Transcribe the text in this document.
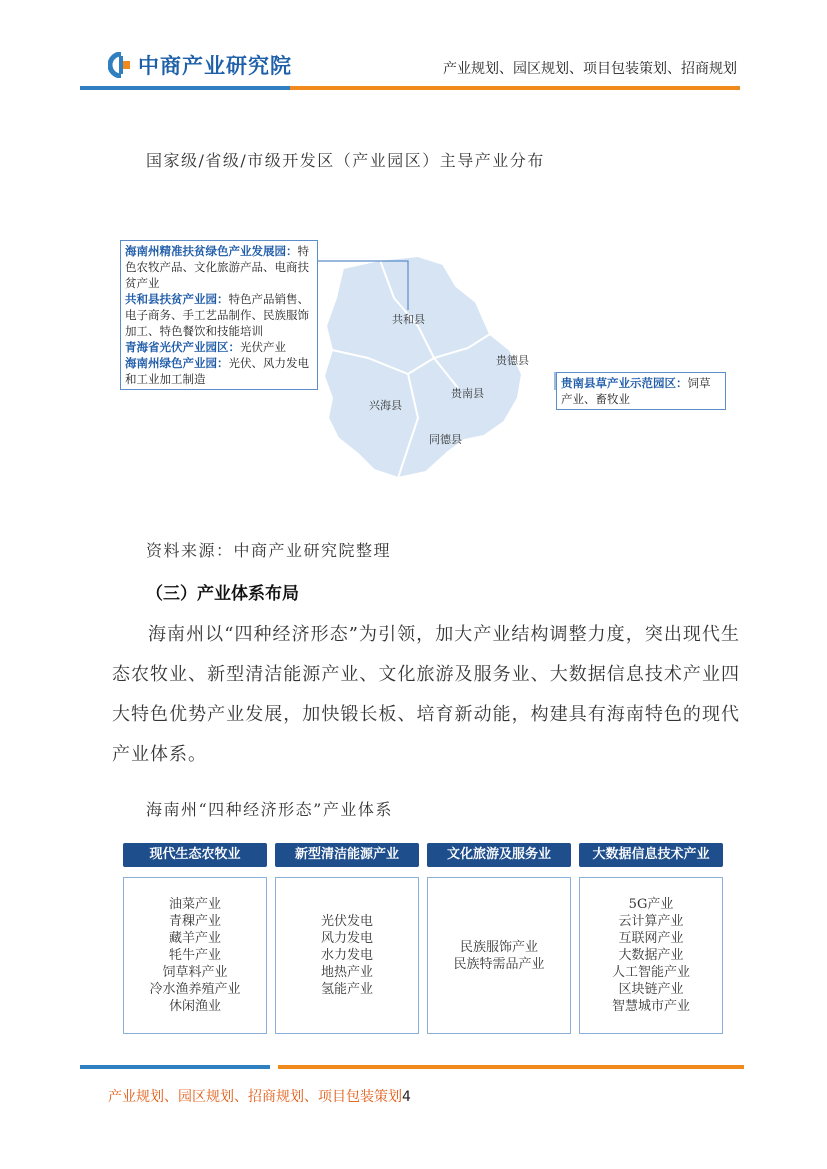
中商产业研究院	产业规划、园区规划、项目包装策划、招商规划
国家级/省级/市级开发区（产业园区）主导产业分布
海南州精准扶贫绿色产业发展园：特色农牧产品、文化旅游产品、电商扶贫产业
共和县扶贫产业园：特色产品销售、电子商务、手工艺品制作、民族服饰加工、特色餐饮和技能培训
青海省光伏产业园区：光伏产业
海南州绿色产业园：光伏、风力发电和工业加工制造	贵南县草产业示范园区：饲草产业、畜牧业
共和县
贵德县
贵南县
兴海县
同德县
资料来源：中商产业研究院整理
（三）产业体系布局

海南州以“四种经济形态”为引领，加大产业结构调整力度，突出现代生态农牧业、新型清洁能源产业、文化旅游及服务业、大数据信息技术产业四大特色优势产业发展，加快锻长板、培育新动能，构建具有海南特色的现代产业体系。

海南州“四种经济形态”产业体系
现代生态农牧业
油菜产业
青稞产业
藏羊产业
牦牛产业
饲草料产业
冷水渔养殖产业
休闲渔业
新型清洁能源产业
光伏发电
风力发电
水力发电
地热产业
氢能产业
文化旅游及服务业
民族服饰产业
民族特需品产业
大数据信息技术产业
5G产业
云计算产业
互联网产业
大数据产业
人工智能产业
区块链产业
智慧城市产业
产业规划、园区规划、招商规划、项目包装策划4
